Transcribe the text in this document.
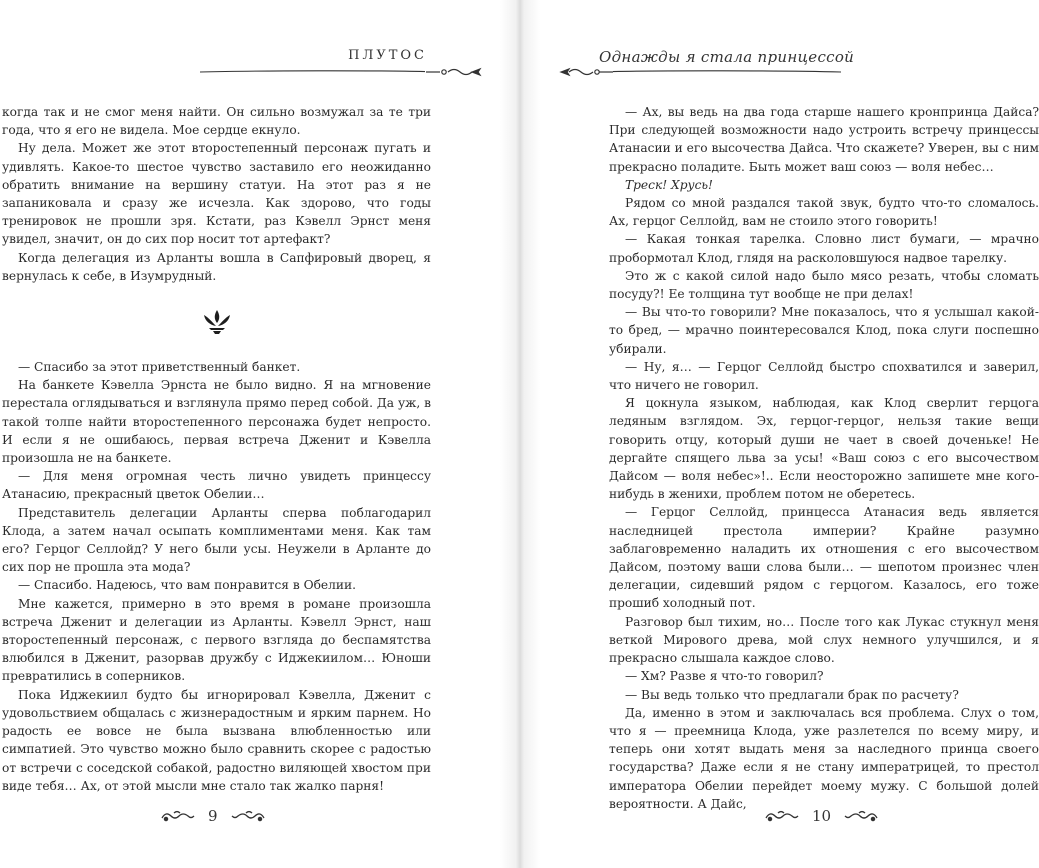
ПЛУТОС

когда так и не смог меня найти. Он сильно возмужал за те три года, что я его не видела. Мое сердце екнуло.

Ну дела. Может же этот второстепенный персонаж пугать и удивлять. Какое-то шестое чувство заставило его неожиданно обратить внимание на вершину статуи. На этот раз я не запаниковала и сразу же исчезла. Как здорово, что годы тренировок не прошли зря. Кстати, раз Кэвелл Эрнст меня увидел, значит, он до сих пор носит тот артефакт?

Когда делегация из Арланты вошла в Сапфировый дворец, я вернулась к себе, в Изумрудный.

— Спасибо за этот приветственный банкет.

На банкете Кэвелла Эрнста не было видно. Я на мгновение перестала оглядываться и взглянула прямо перед собой. Да уж, в такой толпе найти второстепенного персонажа будет непросто. И если я не ошибаюсь, первая встреча Дженит и Кэвелла произошла не на банкете.

— Для меня огромная честь лично увидеть принцессу Атанасию, прекрасный цветок Обелии…

Представитель делегации Арланты сперва поблагодарил Клода, а затем начал осыпать комплиментами меня. Как там его? Герцог Селлойд? У него были усы. Неужели в Арланте до сих пор не прошла эта мода?

— Спасибо. Надеюсь, что вам понравится в Обелии.

Мне кажется, примерно в это время в романе произошла встреча Дженит и делегации из Арланты. Кэвелл Эрнст, наш второстепенный персонаж, с первого взгляда до беспамятства влюбился в Дженит, разорвав дружбу с Иджекиилом… Юноши превратились в соперников.

Пока Иджекиил будто бы игнорировал Кэвелла, Дженит с удовольствием общалась с жизнерадостным и ярким парнем. Но радость ее вовсе не была вызвана влюбленностью или симпатией. Это чувство можно было сравнить скорее с радостью от встречи с соседской собакой, радостно виляющей хвостом при виде тебя… Ах, от этой мысли мне стало так жалко парня!

9
Однажды я стала принцессой

— Ах, вы ведь на два года старше нашего кронпринца Дайса? При следующей возможности надо устроить встречу принцессы Атанасии и его высочества Дайса. Что скажете? Уверен, вы с ним прекрасно поладите. Быть может ваш союз — воля небес…

Треск! Хрусь!

Рядом со мной раздался такой звук, будто что-то сломалось. Ах, герцог Селлойд, вам не стоило этого говорить!

— Какая тонкая тарелка. Словно лист бумаги, — мрачно пробормотал Клод, глядя на расколовшуюся надвое тарелку.

Это ж с какой силой надо было мясо резать, чтобы сломать посуду?! Ее толщина тут вообще не при делах!

— Вы что-то говорили? Мне показалось, что я услышал какой-то бред, — мрачно поинтересовался Клод, пока слуги поспешно убирали.

— Ну, я… — Герцог Селлойд быстро спохватился и заверил, что ничего не говорил.

Я цокнула языком, наблюдая, как Клод сверлит герцога ледяным взглядом. Эх, герцог-герцог, нельзя такие вещи говорить отцу, который души не чает в своей доченьке! Не дергайте спящего льва за усы! «Ваш союз с его высочеством Дайсом — воля небес»!.. Если неосторожно запишете мне кого-нибудь в женихи, проблем потом не оберетесь.

— Герцог Селлойд, принцесса Атанасия ведь является наследницей престола империи? Крайне разумно заблаговременно наладить их отношения с его высочеством Дайсом, поэтому ваши слова были… — шепотом произнес член делегации, сидевший рядом с герцогом. Казалось, его тоже прошиб холодный пот.

Разговор был тихим, но… После того как Лукас стукнул меня веткой Мирового древа, мой слух немного улучшился, и я прекрасно слышала каждое слово.

— Хм? Разве я что-то говорил?

— Вы ведь только что предлагали брак по расчету?

Да, именно в этом и заключалась вся проблема. Слух о том, что я — преемница Клода, уже разлетелся по всему миру, и теперь они хотят выдать меня за наследного принца своего государства? Даже если я не стану императрицей, то престол императора Обелии перейдет моему мужу. С большой долей вероятности. А Дайс,

10
